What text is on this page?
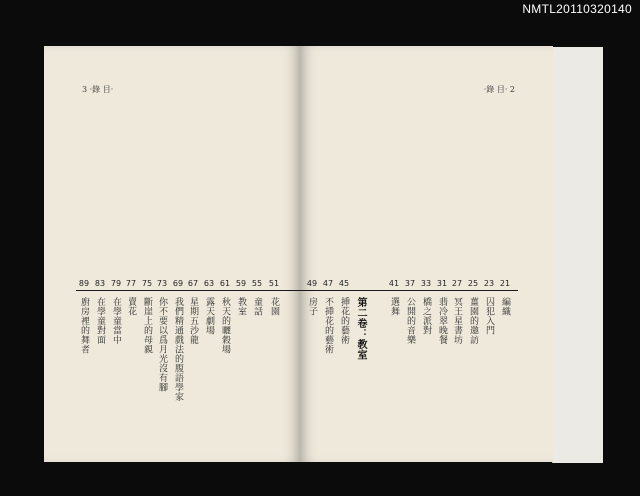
NMTL20110320140
3 ·錄 目·
89 83 79 77 75 73 69 67 63 61 59 55 51
廚房裡的舞者 在學童對面 在學童當中 賣花 斷崖上的母親 你不要以爲月光沒有腳 我們精通戲法的腹語學家 星期五沙龍 露天劇場 秋天的曬穀場 教室 童話 花園
·錄 目· 2
49 47 45	41 37 33 31 27 25 23 21
房子 不挿花的藝術 挿花的藝術 第二卷：教室	選舞 公開的音樂 橋之派對 翡冷翠晚餐 冥王星書坊 薑園的邀訪 囚犯入門 編織
